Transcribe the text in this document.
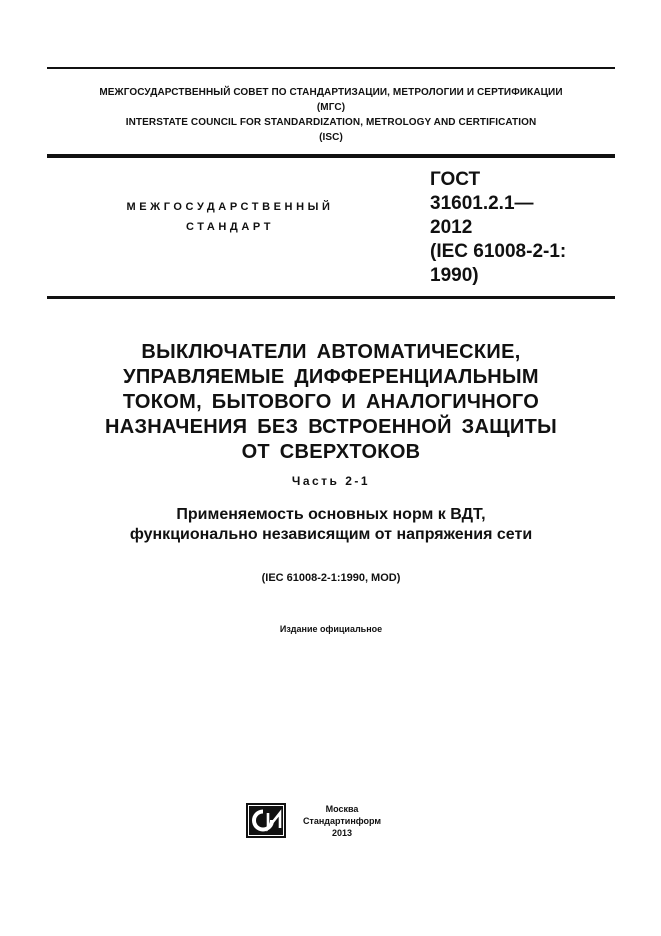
МЕЖГОСУДАРСТВЕННЫЙ СОВЕТ ПО СТАНДАРТИЗАЦИИ, МЕТРОЛОГИИ И СЕРТИФИКАЦИИ
(МГС)
INTERSTATE COUNCIL FOR STANDARDIZATION, METROLOGY AND CERTIFICATION
(ISC)
МЕЖГОСУДАРСТВЕННЫЙ
СТАНДАРТ
ГОСТ
31601.2.1—
2012
(IEC 61008-2-1:
1990)
ВЫКЛЮЧАТЕЛИ АВТОМАТИЧЕСКИЕ,
УПРАВЛЯЕМЫЕ ДИФФЕРЕНЦИАЛЬНЫМ
ТОКОМ, БЫТОВОГО И АНАЛОГИЧНОГО
НАЗНАЧЕНИЯ БЕЗ ВСТРОЕННОЙ ЗАЩИТЫ
ОТ СВЕРХТОКОВ
Часть 2-1
Применяемость основных норм к ВДТ,
функционально независящим от напряжения сети
(IEC 61008-2-1:1990, MOD)
Издание официальное
Москва
Стандартинформ
2013
